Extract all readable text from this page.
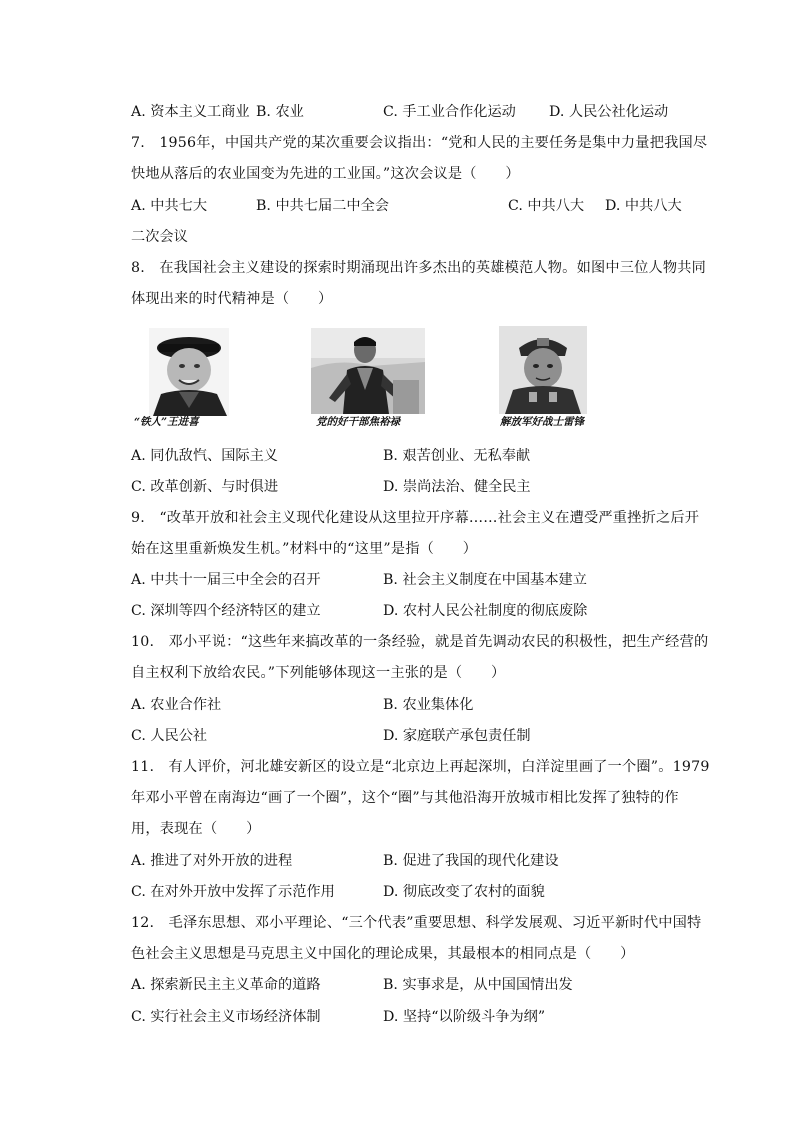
A. 资本主义工商业 B. 农业	C. 手工业合作化运动 D. 人民公社化运动
7.　1956年，中国共产党的某次重要会议指出：“党和人民的主要任务是集中力量把我国尽
快地从落后的农业国变为先进的工业国。”这次会议是（　　）
A. 中共七大	B. 中共七届二中全会	C. 中共八大 D. 中共八大
二次会议
8.　在我国社会主义建设的探索时期涌现出许多杰出的英雄模范人物。如图中三位人物共同
体现出来的时代精神是（　　）
“铁人”王进喜	党的好干部焦裕禄	解放军好战士雷锋
A. 同仇敌忾、国际主义	B. 艰苦创业、无私奉献
C. 改革创新、与时俱进	D. 崇尚法治、健全民主
9.　“改革开放和社会主义现代化建设从这里拉开序幕……社会主义在遭受严重挫折之后开
始在这里重新焕发生机。”材料中的“这里”是指（　　）
A. 中共十一届三中全会的召开	B. 社会主义制度在中国基本建立
C. 深圳等四个经济特区的建立	D. 农村人民公社制度的彻底废除
10.　邓小平说：“这些年来搞改革的一条经验，就是首先调动农民的积极性，把生产经营的
自主权利下放给农民。”下列能够体现这一主张的是（　　）
A. 农业合作社	B. 农业集体化
C. 人民公社	D. 家庭联产承包责任制
11.　有人评价，河北雄安新区的设立是“北京边上再起深圳，白洋淀里画了一个圈”。1979
年邓小平曾在南海边“画了一个圈”，这个“圈”与其他沿海开放城市相比发挥了独特的作
用，表现在（　　）
A. 推进了对外开放的进程	B. 促进了我国的现代化建设
C. 在对外开放中发挥了示范作用	D. 彻底改变了农村的面貌
12.　毛泽东思想、邓小平理论、“三个代表”重要思想、科学发展观、习近平新时代中国特
色社会主义思想是马克思主义中国化的理论成果，其最根本的相同点是（　　）
A. 探索新民主主义革命的道路	B. 实事求是，从中国国情出发
C. 实行社会主义市场经济体制	D. 坚持“以阶级斗争为纲”
